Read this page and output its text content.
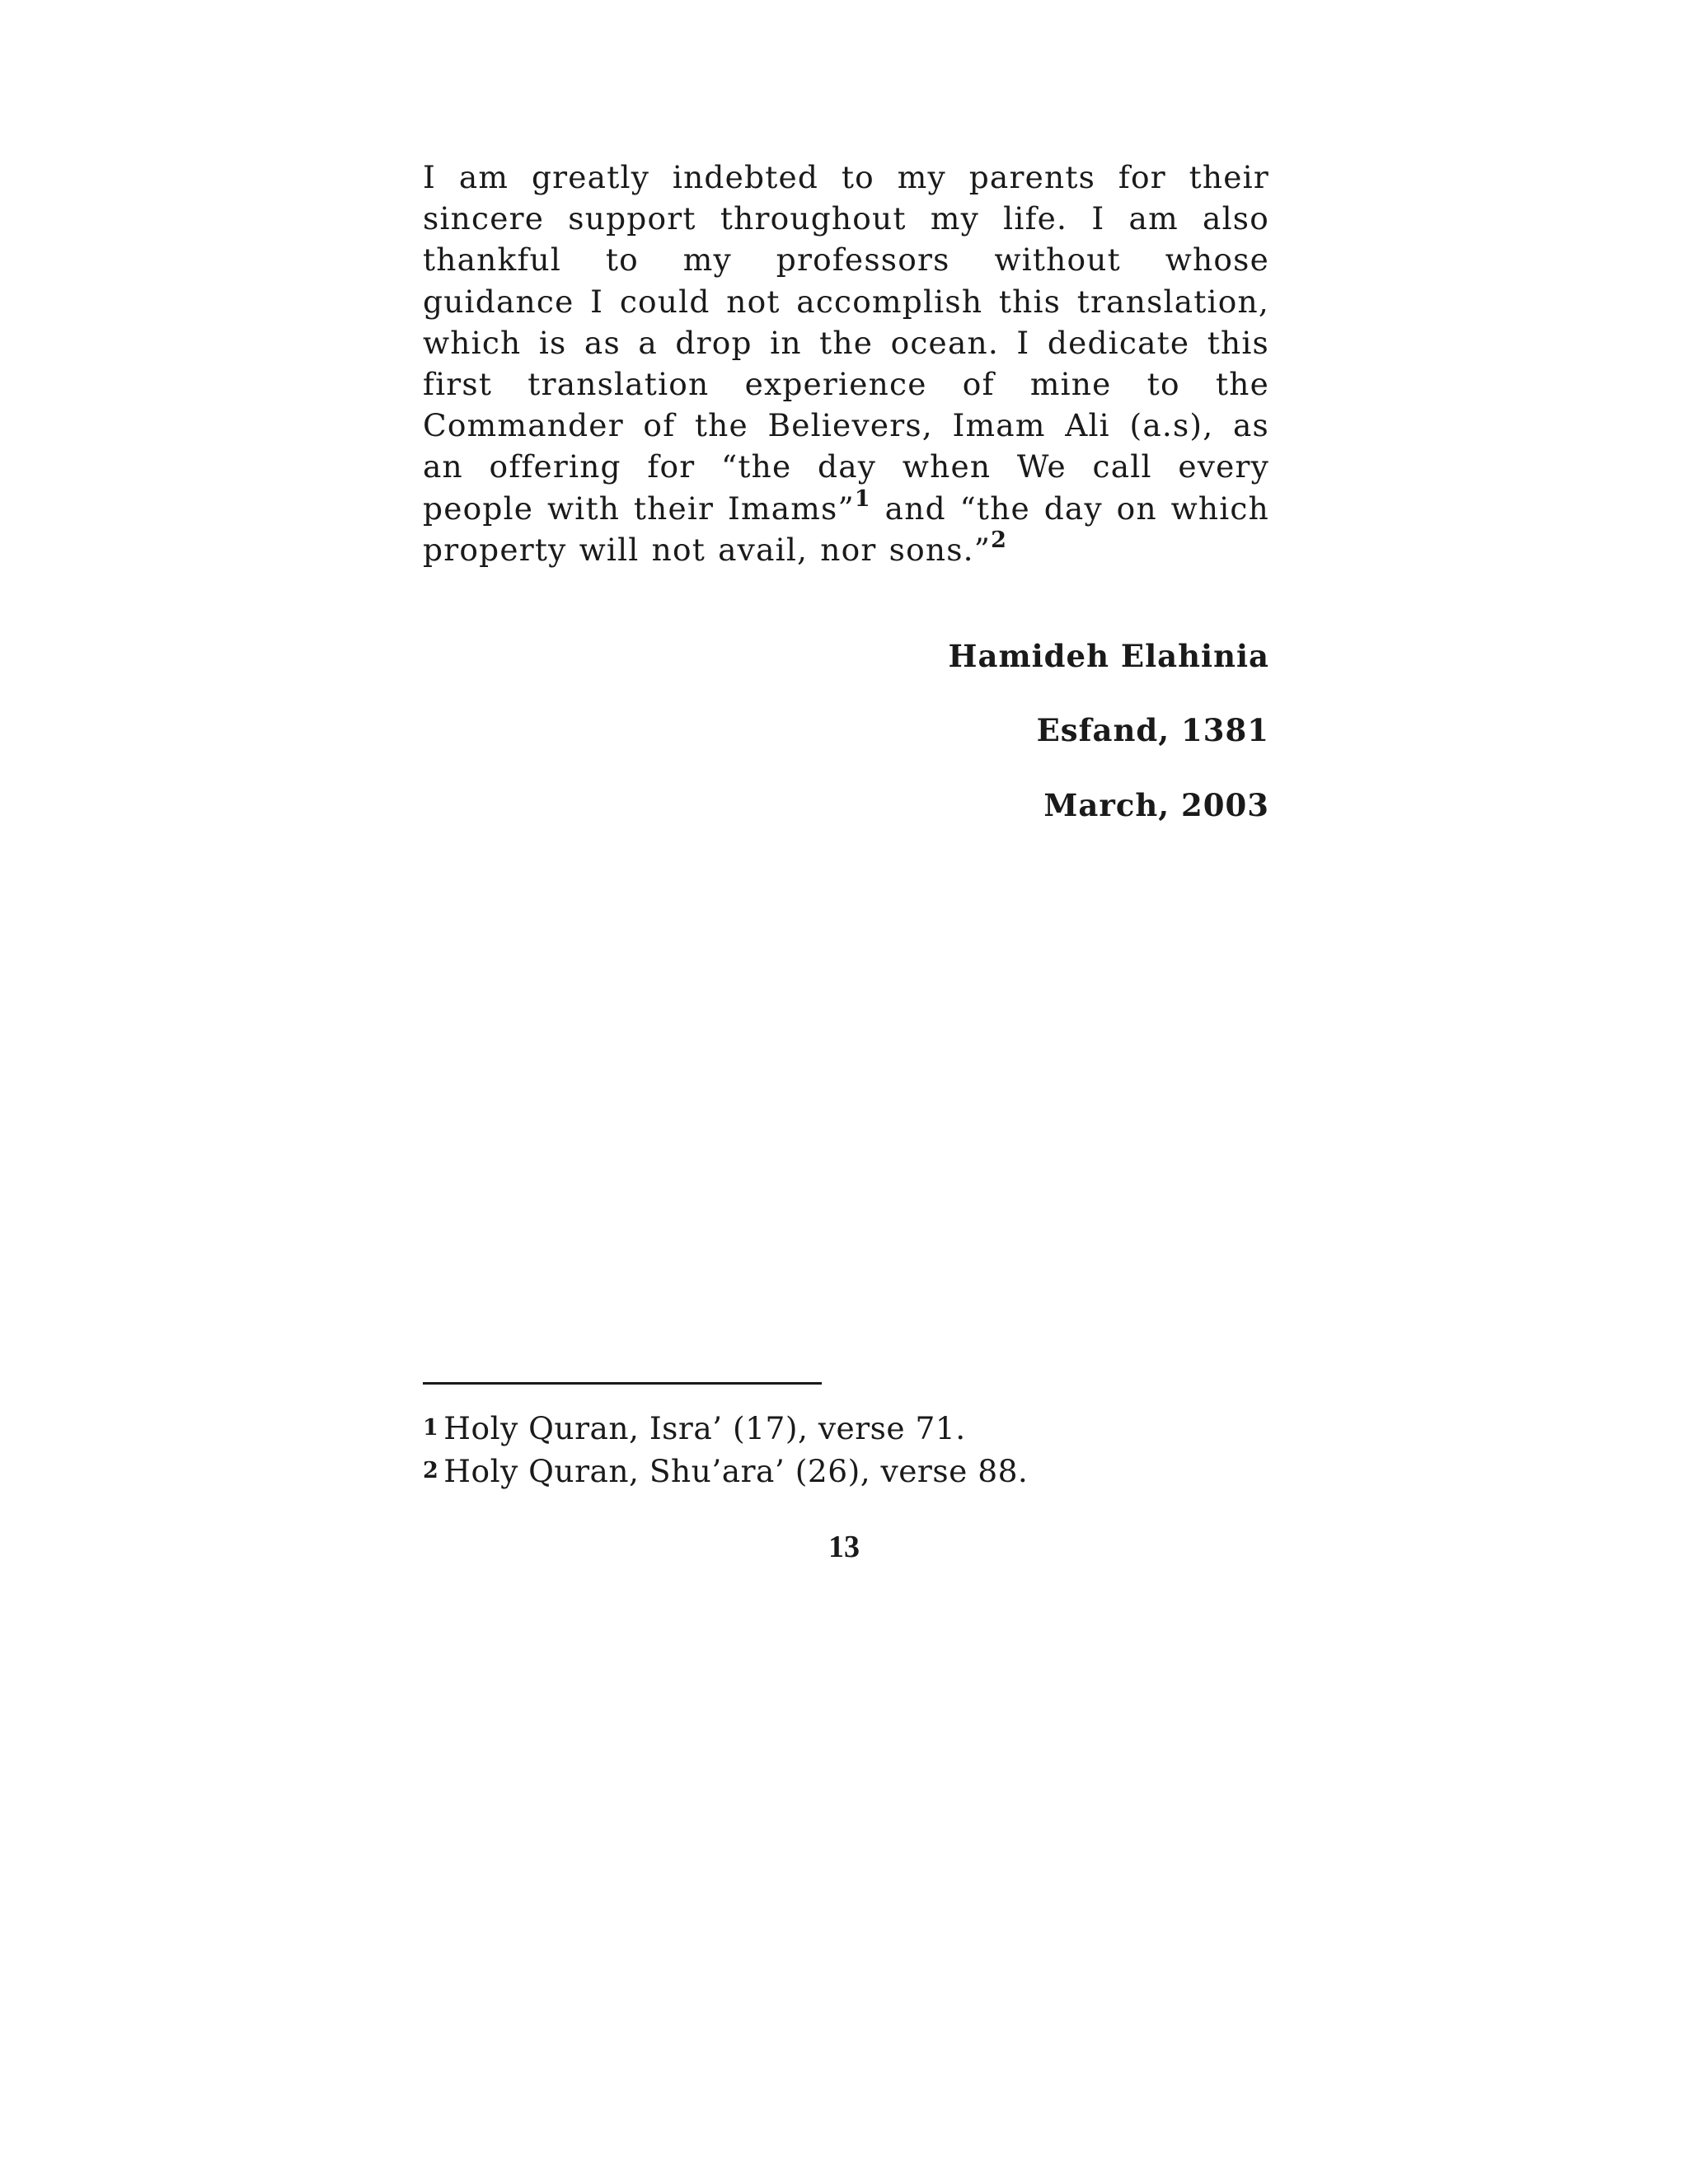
I am greatly indebted to my parents for their sincere support throughout my life. I am also thankful to my professors without whose guidance I could not accomplish this translation, which is as a drop in the ocean. I dedicate this first translation experience of mine to the Commander of the Believers, Imam Ali (a.s), as an offering for “the day when We call every people with their Imams”$^1$ and “the day on which property will not avail, nor sons.”$^2$

Hamideh Elahinia

Esfand, 1381

March, 2003

$^1$ Holy Quran, Isra’ (17), verse 71.
$^2$ Holy Quran, Shu’ara’ (26), verse 88.

13
